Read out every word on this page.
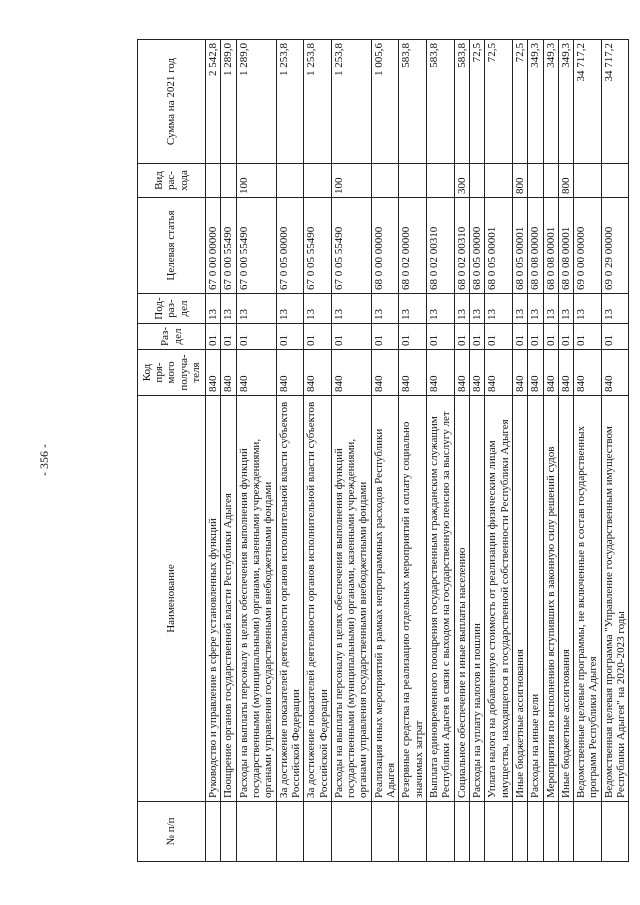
- 356 -
№ п/п	Наименование	Код пря- мого получа- теля	Раз- дел	Под- раз- дел	Целевая статья	Вид рас- хода	Сумма на 2021 год
	Руководство и управление в сфере установленных функций	840	01	13	67 0 00 00000		2 542,8
	Поощрение органов государственной власти Республики Адыгея	840	01	13	67 0 00 55490		1 289,0
	Расходы на выплаты персоналу в целях обеспечения выполнения функций государственными (муниципальными) органами, казенными учреждениями, органами управления государственными внебюджетными фондами	840	01	13	67 0 00 55490	100	1 289,0
	За достижение показателей деятельности органов исполнительной власти субъектов Российской Федерации	840	01	13	67 0 05 00000		1 253,8
	За достижение показателей деятельности органов исполнительной власти субъектов Российской Федерации	840	01	13	67 0 05 55490		1 253,8
	Расходы на выплаты персоналу в целях обеспечения выполнения функций государственными (муниципальными) органами, казенными учреждениями, органами управления государственными внебюджетными фондами	840	01	13	67 0 05 55490	100	1 253,8
	Реализация иных мероприятий в рамках непрограммных расходов Республики Адыгея	840	01	13	68 0 00 00000		1 005,6
	Резервные средства на реализацию отдельных мероприятий и оплату социально значимых затрат	840	01	13	68 0 02 00000		583,8
	Выплата единовременного поощрения государственным гражданским служащим Республики Адыгея в связи с выходом на государственную пенсию за выслугу лет	840	01	13	68 0 02 00310		583,8
	Социальное обеспечение и иные выплаты населению	840	01	13	68 0 02 00310	300	583,8
	Расходы на уплату налогов и пошлин	840	01	13	68 0 05 00000		72,5
	Уплата налога на добавленную стоимость от реализации физическим лицам имущества, находящегося в государственной собственности Республики Адыгея	840	01	13	68 0 05 00001		72,5
	Иные бюджетные ассигнования	840	01	13	68 0 05 00001	800	72,5
	Расходы на иные цели	840	01	13	68 0 08 00000		349,3
	Мероприятия по исполнению вступивших в законную силу решений судов	840	01	13	68 0 08 00001		349,3
	Иные бюджетные ассигнования	840	01	13	68 0 08 00001	800	349,3
	Ведомственные целевые программы, не включенные в состав государственных программ Республики Адыгея	840	01	13	69 0 00 00000		34 717,2
	Ведомственная целевая программа "Управление государственным имуществом Республики Адыгея" на 2020-2023 годы	840	01	13	69 0 29 00000		34 717,2
